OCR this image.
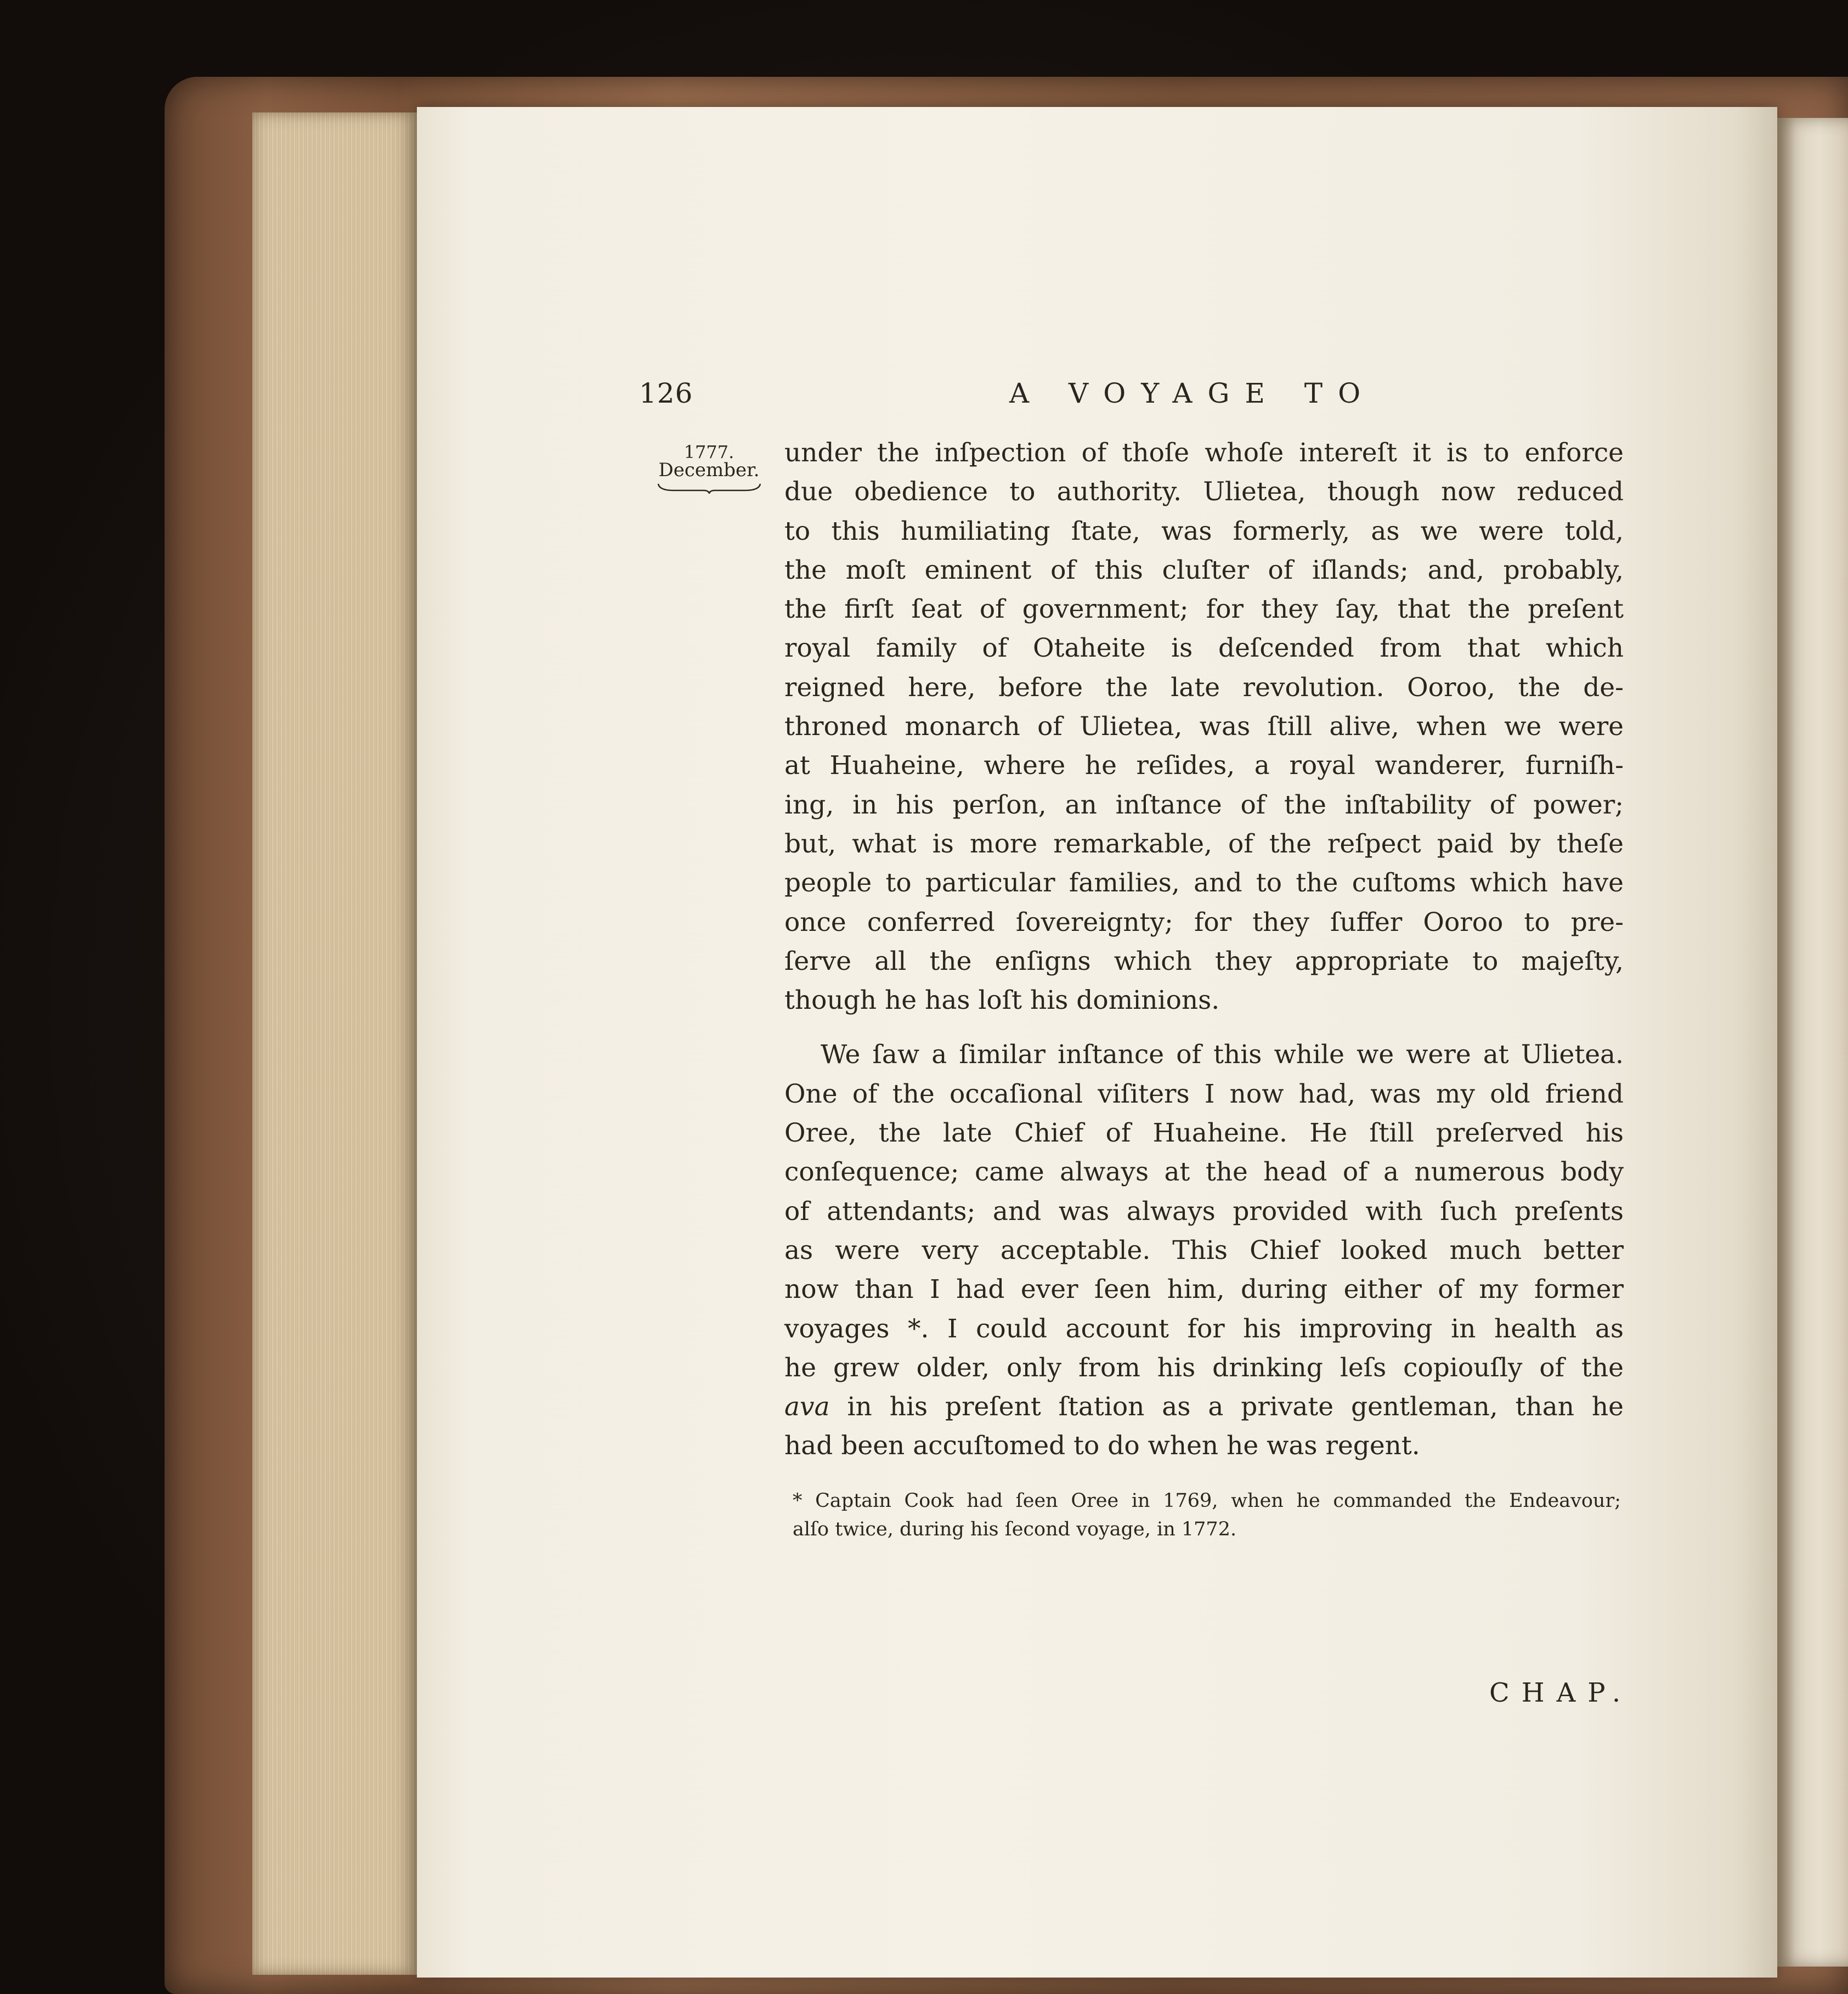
126	A VOYAGE TO

1777.
December.
under the inſpection of thoſe whoſe intereſt it is to enforce
due obedience to authority. Ulietea, though now reduced
to this humiliating ſtate, was formerly, as we were told,
the moſt eminent of this cluſter of iſlands; and, probably,
the firſt ſeat of government; for they ſay, that the preſent
royal family of Otaheite is deſcended from that which
reigned here, before the late revolution. Ooroo, the de-
throned monarch of Ulietea, was ſtill alive, when we were
at Huaheine, where he reſides, a royal wanderer, furniſh-
ing, in his perſon, an inſtance of the inſtability of power;
but, what is more remarkable, of the reſpect paid by theſe
people to particular families, and to the cuſtoms which have
once conferred ſovereignty; for they ſuffer Ooroo to pre-
ſerve all the enſigns which they appropriate to majeſty,
though he has loſt his dominions.
We ſaw a ſimilar inſtance of this while we were at Ulietea.
One of the occaſional viſiters I now had, was my old friend
Oree, the late Chief of Huaheine. He ſtill preſerved his
conſequence; came always at the head of a numerous body
of attendants; and was always provided with ſuch preſents
as were very acceptable. This Chief looked much better
now than I had ever ſeen him, during either of my former
voyages *. I could account for his improving in health as
he grew older, only from his drinking leſs copiouſly of the
ava in his preſent ſtation as a private gentleman, than he
had been accuſtomed to do when he was regent.
* Captain Cook had ſeen Oree in 1769, when he commanded the Endeavour;
alſo twice, during his ſecond voyage, in 1772.

CHAP.
